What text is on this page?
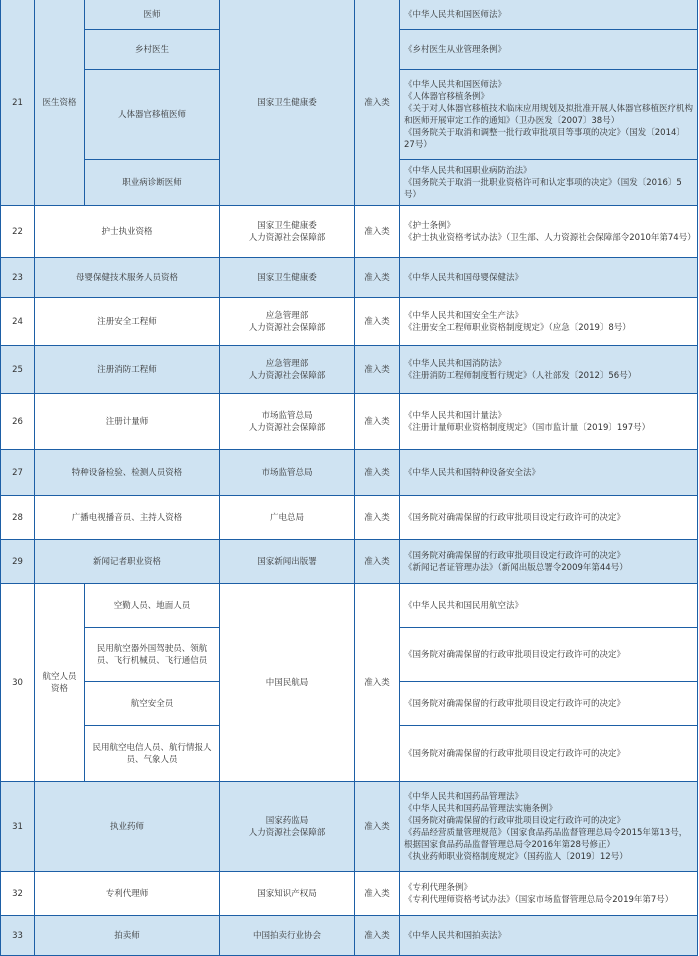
21	医生资格	医师	国家卫生健康委	准入类	《中华人民共和国医师法》

		乡村医生			《乡村医生从业管理条例》

		人体器官移植医师			《中华人民共和国医师法》
《人体器官移植条例》
《关于对人体器官移植技术临床应用规划及拟批准开展人体器官移植医疗机构和医师开展审定工作的通知》（卫办医发〔2007〕38号）
《国务院关于取消和调整一批行政审批项目等事项的决定》（国发〔2014〕27号）

		职业病诊断医师			《中华人民共和国职业病防治法》
《国务院关于取消一批职业资格许可和认定事项的决定》（国发〔2016〕5号）

22	护士执业资格		国家卫生健康委
人力资源社会保障部	准入类	《护士条例》
《护士执业资格考试办法》（卫生部、人力资源社会保障部令2010年第74号）

23	母婴保健技术服务人员资格		国家卫生健康委	准入类	《中华人民共和国母婴保健法》

24	注册安全工程师		应急管理部
人力资源社会保障部	准入类	《中华人民共和国安全生产法》
《注册安全工程师职业资格制度规定》（应急〔2019〕8号）

25	注册消防工程师		应急管理部
人力资源社会保障部	准入类	《中华人民共和国消防法》
《注册消防工程师制度暂行规定》（人社部发〔2012〕56号）

26	注册计量师		市场监管总局
人力资源社会保障部	准入类	《中华人民共和国计量法》
《注册计量师职业资格制度规定》（国市监计量〔2019〕197号）

27	特种设备检验、检测人员资格		市场监管总局	准入类	《中华人民共和国特种设备安全法》

28	广播电视播音员、主持人资格		广电总局	准入类	《国务院对确需保留的行政审批项目设定行政许可的决定》

29	新闻记者职业资格		国家新闻出版署	准入类	《国务院对确需保留的行政审批项目设定行政许可的决定》
《新闻记者证管理办法》（新闻出版总署令2009年第44号）

30	航空人员资格	空勤人员、地面人员	中国民航局	准入类	《中华人民共和国民用航空法》

		民用航空器外国驾驶员、领航员、飞行机械员、飞行通信员			《国务院对确需保留的行政审批项目设定行政许可的决定》

		航空安全员			《国务院对确需保留的行政审批项目设定行政许可的决定》

		民用航空电信人员、航行情报人员、气象人员			《国务院对确需保留的行政审批项目设定行政许可的决定》

31	执业药师		国家药监局
人力资源社会保障部	准入类	《中华人民共和国药品管理法》
《中华人民共和国药品管理法实施条例》
《国务院对确需保留的行政审批项目设定行政许可的决定》
《药品经营质量管理规范》（国家食品药品监督管理总局令2015年第13号，根据国家食品药品监督管理总局令2016年第28号修正）
《执业药师职业资格制度规定》（国药监人〔2019〕12号）

32	专利代理师		国家知识产权局	准入类	《专利代理条例》
《专利代理师资格考试办法》（国家市场监督管理总局令2019年第7号）

33	拍卖师		中国拍卖行业协会	准入类	《中华人民共和国拍卖法》
